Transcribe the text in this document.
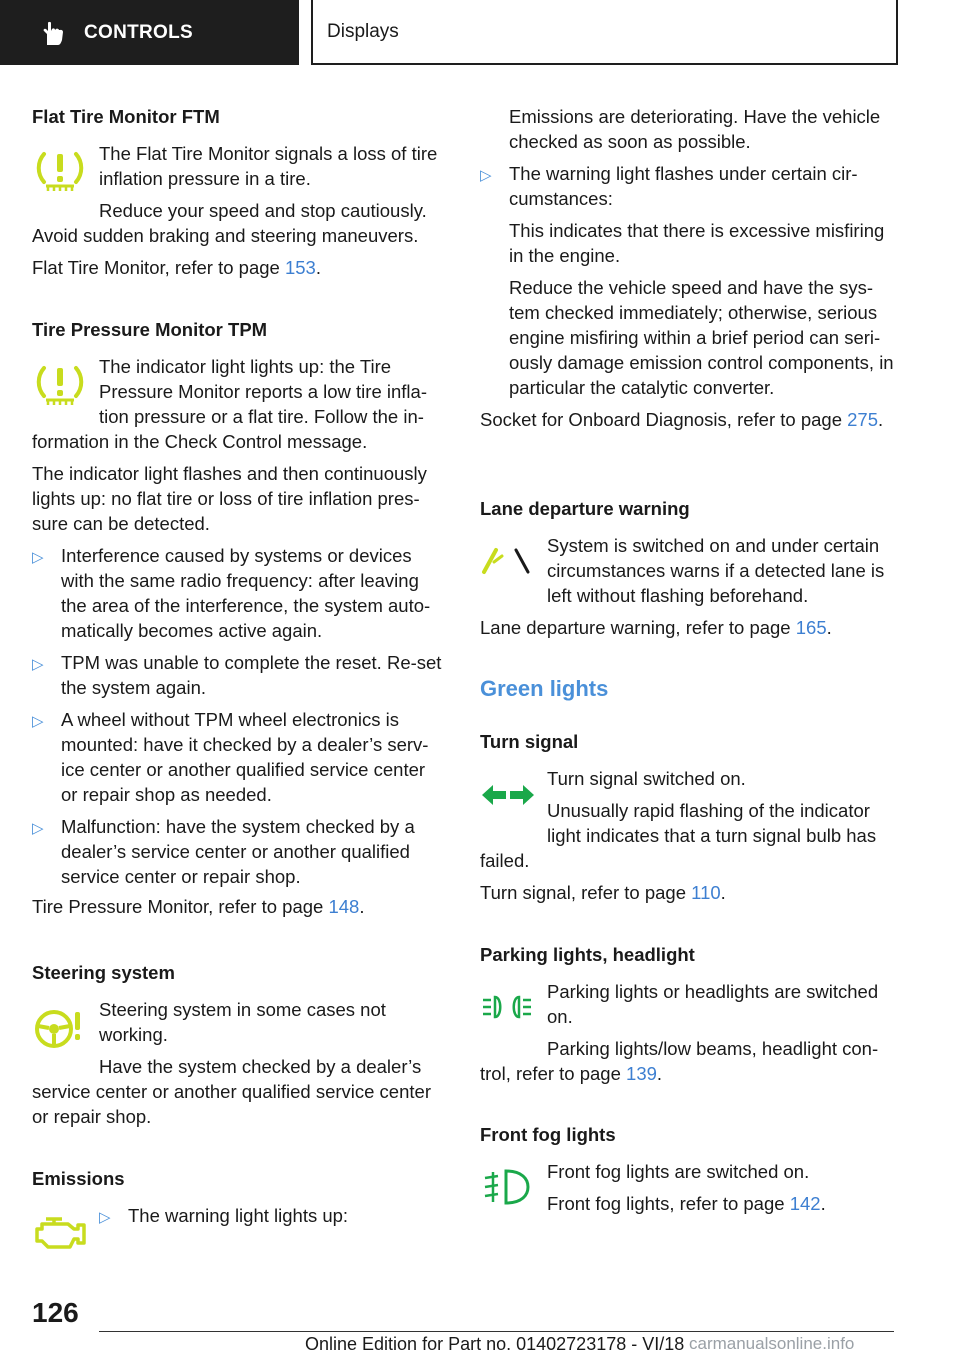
CONTROLS	Displays

Flat Tire Monitor FTM

The Flat Tire Monitor signals a loss of tire inflation pressure in a tire.

Reduce your speed and stop cautiously.

Avoid sudden braking and steering maneuvers.

Flat Tire Monitor, refer to page 153.

Tire Pressure Monitor TPM

The indicator light lights up: the Tire Pressure Monitor reports a low tire infla-tion pressure or a flat tire. Follow the in-

formation in the Check Control message.

The indicator light flashes and then continuously lights up: no flat tire or loss of tire inflation pres-sure can be detected.

▷ Interference caused by systems or devices with the same radio frequency: after leaving the area of the interference, the system auto-matically becomes active again.

▷ TPM was unable to complete the reset. Re-set the system again.

▷ A wheel without TPM wheel electronics is mounted: have it checked by a dealer’s serv-ice center or another qualified service center or repair shop as needed.

▷ Malfunction: have the system checked by a dealer’s service center or another qualified service center or repair shop.

Tire Pressure Monitor, refer to page 148.

Steering system

Steering system in some cases not working.

Have the system checked by a dealer’s

service center or another qualified service center or repair shop.

Emissions

▷ The warning light lights up:

Emissions are deteriorating. Have the vehicle checked as soon as possible.

▷ The warning light flashes under certain cir-cumstances:

This indicates that there is excessive misfiring in the engine.

Reduce the vehicle speed and have the sys-tem checked immediately; otherwise, serious engine misfiring within a brief period can seri-ously damage emission control components, in particular the catalytic converter.

Socket for Onboard Diagnosis, refer to page 275.

Lane departure warning

System is switched on and under certain circumstances warns if a detected lane is left without flashing beforehand.

Lane departure warning, refer to page 165.

Green lights

Turn signal

Turn signal switched on.

Unusually rapid flashing of the indicator light indicates that a turn signal bulb has

failed.

Turn signal, refer to page 110.

Parking lights, headlight

Parking lights or headlights are switched on.

Parking lights/low beams, headlight con-

trol, refer to page 139.

Front fog lights

Front fog lights are switched on.

Front fog lights, refer to page 142.

126
Online Edition for Part no. 01402723178 - VI/18 carmanualsonline.info
